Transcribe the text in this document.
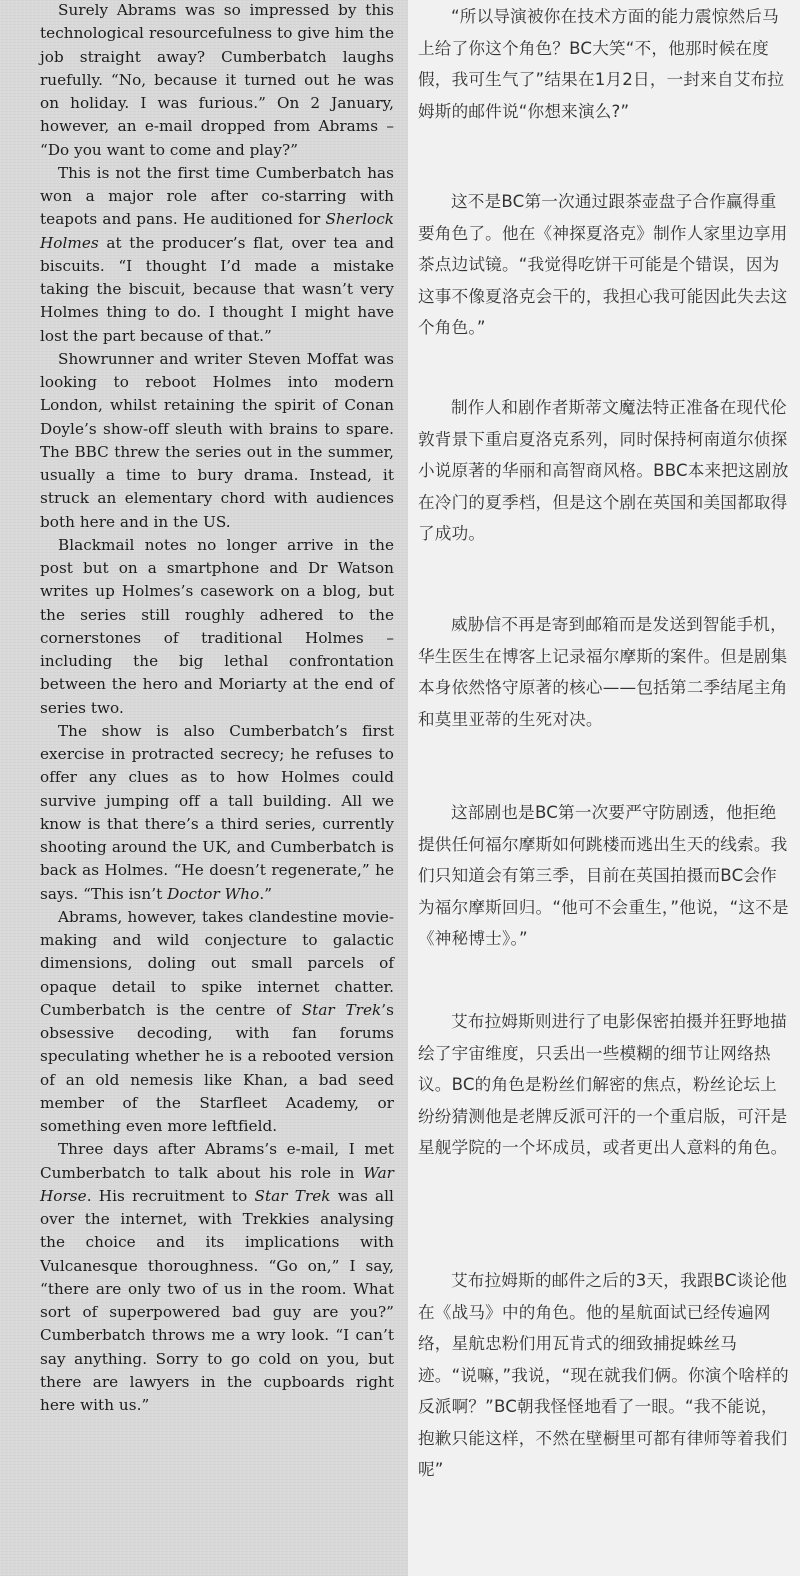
Surely Abrams was so impressed by this technological resourcefulness to give him the job straight away? Cumberbatch laughs ruefully. “No, because it turned out he was on holiday. I was furious.” On 2 January, however, an e-mail dropped from Abrams – “Do you want to come and play?”

This is not the first time Cumberbatch has won a major role after co-starring with teapots and pans. He auditioned for Sherlock Holmes at the producer’s flat, over tea and biscuits. “I thought I’d made a mistake taking the biscuit, because that wasn’t very Holmes thing to do. I thought I might have lost the part because of that.”

Showrunner and writer Steven Moffat was looking to reboot Holmes into modern London, whilst retaining the spirit of Conan Doyle’s show-off sleuth with brains to spare. The BBC threw the series out in the summer, usually a time to bury drama. Instead, it struck an elementary chord with audiences both here and in the US.

Blackmail notes no longer arrive in the post but on a smartphone and Dr Watson writes up Holmes’s casework on a blog, but the series still roughly adhered to the cornerstones of traditional Holmes – including the big lethal confrontation between the hero and Moriarty at the end of series two.

The show is also Cumberbatch’s first exercise in protracted secrecy; he refuses to offer any clues as to how Holmes could survive jumping off a tall building. All we know is that there’s a third series, currently shooting around the UK, and Cumberbatch is back as Holmes. “He doesn’t regenerate,” he says. “This isn’t Doctor Who.”

Abrams, however, takes clandestine movie-making and wild conjecture to galactic dimensions, doling out small parcels of opaque detail to spike internet chatter. Cumberbatch is the centre of Star Trek’s obsessive decoding, with fan forums speculating whether he is a rebooted version of an old nemesis like Khan, a bad seed member of the Starfleet Academy, or something even more leftfield.

Three days after Abrams’s e-mail, I met Cumberbatch to talk about his role in War Horse. His recruitment to Star Trek was all over the internet, with Trekkies analysing the choice and its implications with Vulcanesque thoroughness. “Go on,” I say, “there are only two of us in the room. What sort of superpowered bad guy are you?” Cumberbatch throws me a wry look. “I can’t say anything. Sorry to go cold on you, but there are lawyers in the cupboards right here with us.”

“所以导演被你在技术方面的能力震惊然后马上给了你这个角色？BC大笑“不，他那时候在度假，我可生气了”结果在1月2日，一封来自艾布拉姆斯的邮件说“你想来演么?”

这不是BC第一次通过跟茶壶盘子合作赢得重要角色了。他在《神探夏洛克》制作人家里边享用茶点边试镜。“我觉得吃饼干可能是个错误，因为这事不像夏洛克会干的，我担心我可能因此失去这个角色。”

制作人和剧作者斯蒂文魔法特正准备在现代伦敦背景下重启夏洛克系列，同时保持柯南道尔侦探小说原著的华丽和高智商风格。BBC本来把这剧放在冷门的夏季档，但是这个剧在英国和美国都取得了成功。

威胁信不再是寄到邮箱而是发送到智能手机，华生医生在博客上记录福尔摩斯的案件。但是剧集本身依然恪守原著的核心——包括第二季结尾主角和莫里亚蒂的生死对决。

这部剧也是BC第一次要严守防剧透，他拒绝提供任何福尔摩斯如何跳楼而逃出生天的线索。我们只知道会有第三季，目前在英国拍摄而BC会作为福尔摩斯回归。“他可不会重生，”他说，“这不是《神秘博士》。”

艾布拉姆斯则进行了电影保密拍摄并狂野地描绘了宇宙维度，只丢出一些模糊的细节让网络热议。BC的角色是粉丝们解密的焦点，粉丝论坛上纷纷猜测他是老牌反派可汗的一个重启版，可汗是星舰学院的一个坏成员，或者更出人意料的角色。

艾布拉姆斯的邮件之后的3天，我跟BC谈论他在《战马》中的角色。他的星航面试已经传遍网络，星航忠粉们用瓦肯式的细致捕捉蛛丝马迹。“说嘛，”我说，“现在就我们俩。你演个啥样的反派啊？”BC朝我怪怪地看了一眼。“我不能说，抱歉只能这样，不然在壁橱里可都有律师等着我们呢”
